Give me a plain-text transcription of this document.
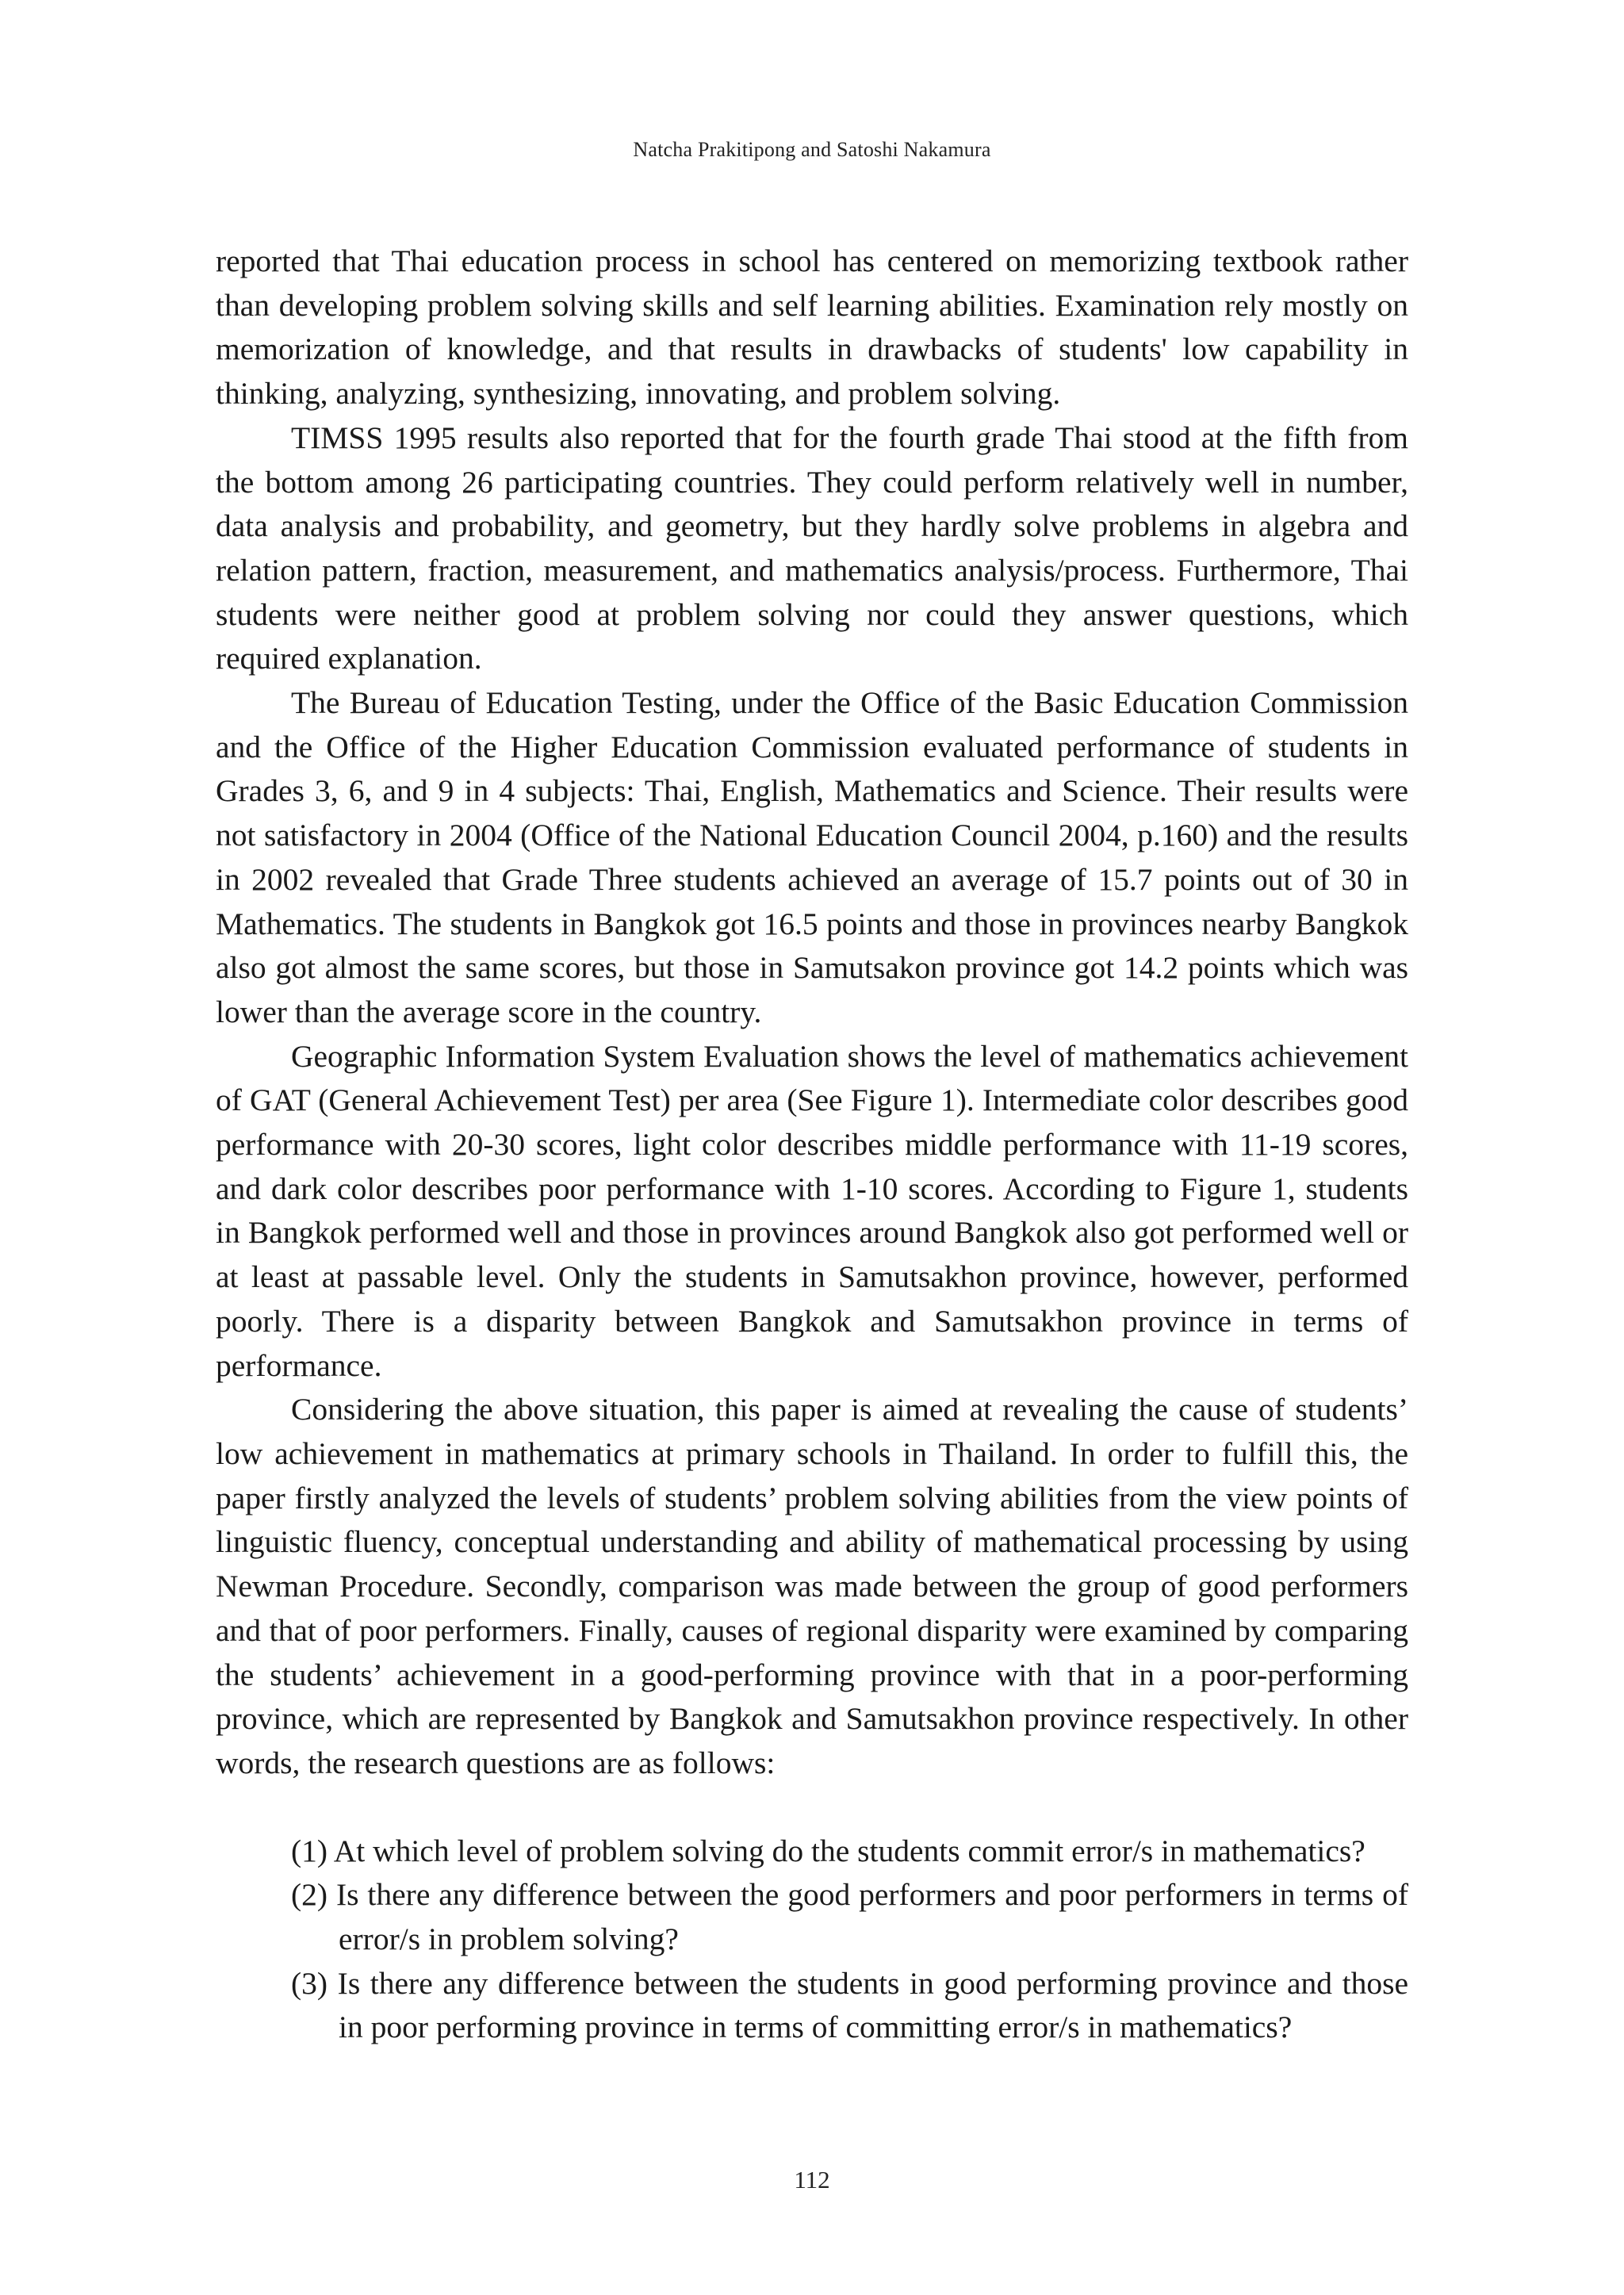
Natcha Prakitipong and Satoshi Nakamura

reported that Thai education process in school has centered on memorizing textbook rather than developing problem solving skills and self learning abilities. Examination rely mostly on memorization of knowledge, and that results in drawbacks of students' low capability in thinking, analyzing, synthesizing, innovating, and problem solving.

TIMSS 1995 results also reported that for the fourth grade Thai stood at the fifth from the bottom among 26 participating countries. They could perform relatively well in number, data analysis and probability, and geometry, but they hardly solve problems in algebra and relation pattern, fraction, measurement, and mathematics analysis/process. Furthermore, Thai students were neither good at problem solving nor could they answer questions, which required explanation.

The Bureau of Education Testing, under the Office of the Basic Education Commission and the Office of the Higher Education Commission evaluated performance of students in Grades 3, 6, and 9 in 4 subjects: Thai, English, Mathematics and Science. Their results were not satisfactory in 2004 (Office of the National Education Council 2004, p.160) and the results in 2002 revealed that Grade Three students achieved an average of 15.7 points out of 30 in Mathematics. The students in Bangkok got 16.5 points and those in provinces nearby Bangkok also got almost the same scores, but those in Samutsakon province got 14.2 points which was lower than the average score in the country.

Geographic Information System Evaluation shows the level of mathematics achievement of GAT (General Achievement Test) per area (See Figure 1). Intermediate color describes good performance with 20-30 scores, light color describes middle performance with 11-19 scores, and dark color describes poor performance with 1-10 scores. According to Figure 1, students in Bangkok performed well and those in provinces around Bangkok also got performed well or at least at passable level. Only the students in Samutsakhon province, however, performed poorly. There is a disparity between Bangkok and Samutsakhon province in terms of performance.

Considering the above situation, this paper is aimed at revealing the cause of students’ low achievement in mathematics at primary schools in Thailand. In order to fulfill this, the paper firstly analyzed the levels of students’ problem solving abilities from the view points of linguistic fluency, conceptual understanding and ability of mathematical processing by using Newman Procedure. Secondly, comparison was made between the group of good performers and that of poor performers. Finally, causes of regional disparity were examined by comparing the students’ achievement in a good-performing province with that in a poor-performing province, which are represented by Bangkok and Samutsakhon province respectively. In other words, the research questions are as follows:

(1) At which level of problem solving do the students commit error/s in mathematics?
(2) Is there any difference between the good performers and poor performers in terms of error/s in problem solving?
(3) Is there any difference between the students in good performing province and those in poor performing province in terms of committing error/s in mathematics?
112
